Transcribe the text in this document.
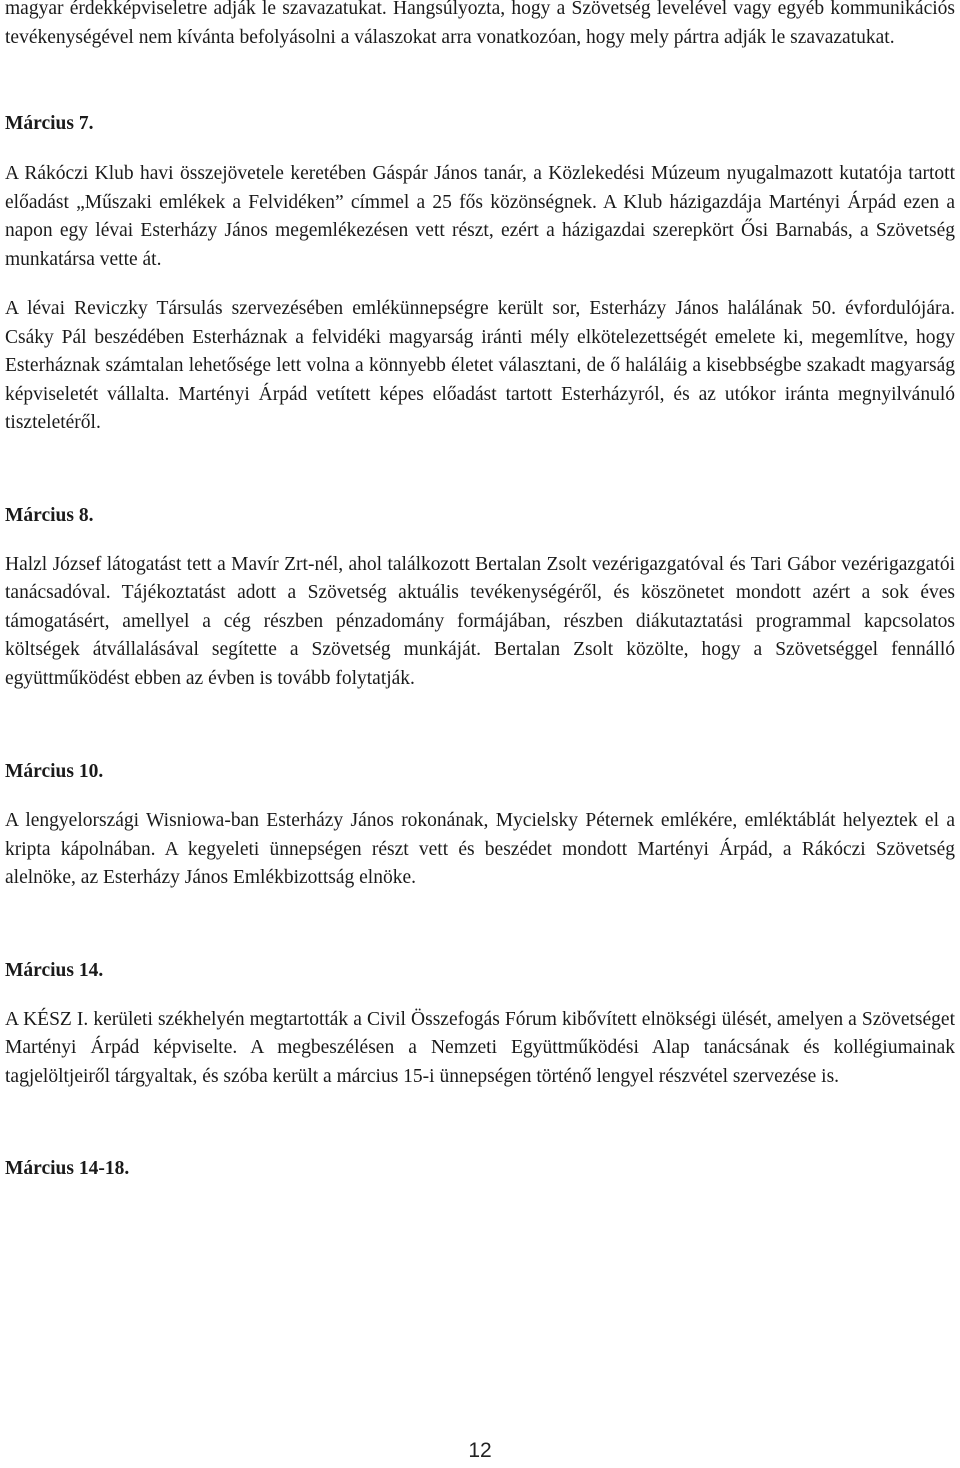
magyar érdekképviseletre adják le szavazatukat. Hangsúlyozta, hogy a Szövetség levelével vagy egyéb kommunikációs tevékenységével nem kívánta befolyásolni a válaszokat arra vonatkozóan, hogy mely pártra adják le szavazatukat.

Március 7.

A Rákóczi Klub havi összejövetele keretében Gáspár János tanár, a Közlekedési Múzeum nyugalmazott kutatója tartott előadást „Műszaki emlékek a Felvidéken” címmel a 25 fős közönségnek. A Klub házigazdája Martényi Árpád ezen a napon egy lévai Esterházy János megemlékezésen vett részt, ezért a házigazdai szerepkört Ősi Barnabás, a Szövetség munkatársa vette át.

A lévai Reviczky Társulás szervezésében emlékünnepségre került sor, Esterházy János halálának 50. évfordulójára. Csáky Pál beszédében Esterháznak a felvidéki magyarság iránti mély elkötelezettségét emelete ki, megemlítve, hogy Esterháznak számtalan lehetősége lett volna a könnyebb életet választani, de ő haláláig a kisebbségbe szakadt magyarság képviseletét vállalta. Martényi Árpád vetített képes előadást tartott Esterházyról, és az utókor iránta megnyilvánuló tiszteletéről.

Március 8.

Halzl József látogatást tett a Mavír Zrt-nél, ahol találkozott Bertalan Zsolt vezérigazgatóval és Tari Gábor vezérigazgatói tanácsadóval. Tájékoztatást adott a Szövetség aktuális tevékenységéről, és köszönetet mondott azért a sok éves támogatásért, amellyel a cég részben pénzadomány formájában, részben diákutaztatási programmal kapcsolatos költségek átvállalásával segítette a Szövetség munkáját. Bertalan Zsolt közölte, hogy a Szövetséggel fennálló együttműködést ebben az évben is tovább folytatják.

Március 10.

A lengyelországi Wisniowa-ban Esterházy János rokonának, Mycielsky Péternek emlékére, emléktáblát helyeztek el a kripta kápolnában. A kegyeleti ünnepségen részt vett és beszédet mondott Martényi Árpád, a Rákóczi Szövetség alelnöke, az Esterházy János Emlékbizottság elnöke.

Március 14.

A KÉSZ I. kerületi székhelyén megtartották a Civil Összefogás Fórum kibővített elnökségi ülését, amelyen a Szövetséget Martényi Árpád képviselte. A megbeszélésen a Nemzeti Együttműködési Alap tanácsának és kollégiumainak tagjelöltjeiről tárgyaltak, és szóba került a március 15-i ünnepségen történő lengyel részvétel szervezése is.

Március 14-18.
12
